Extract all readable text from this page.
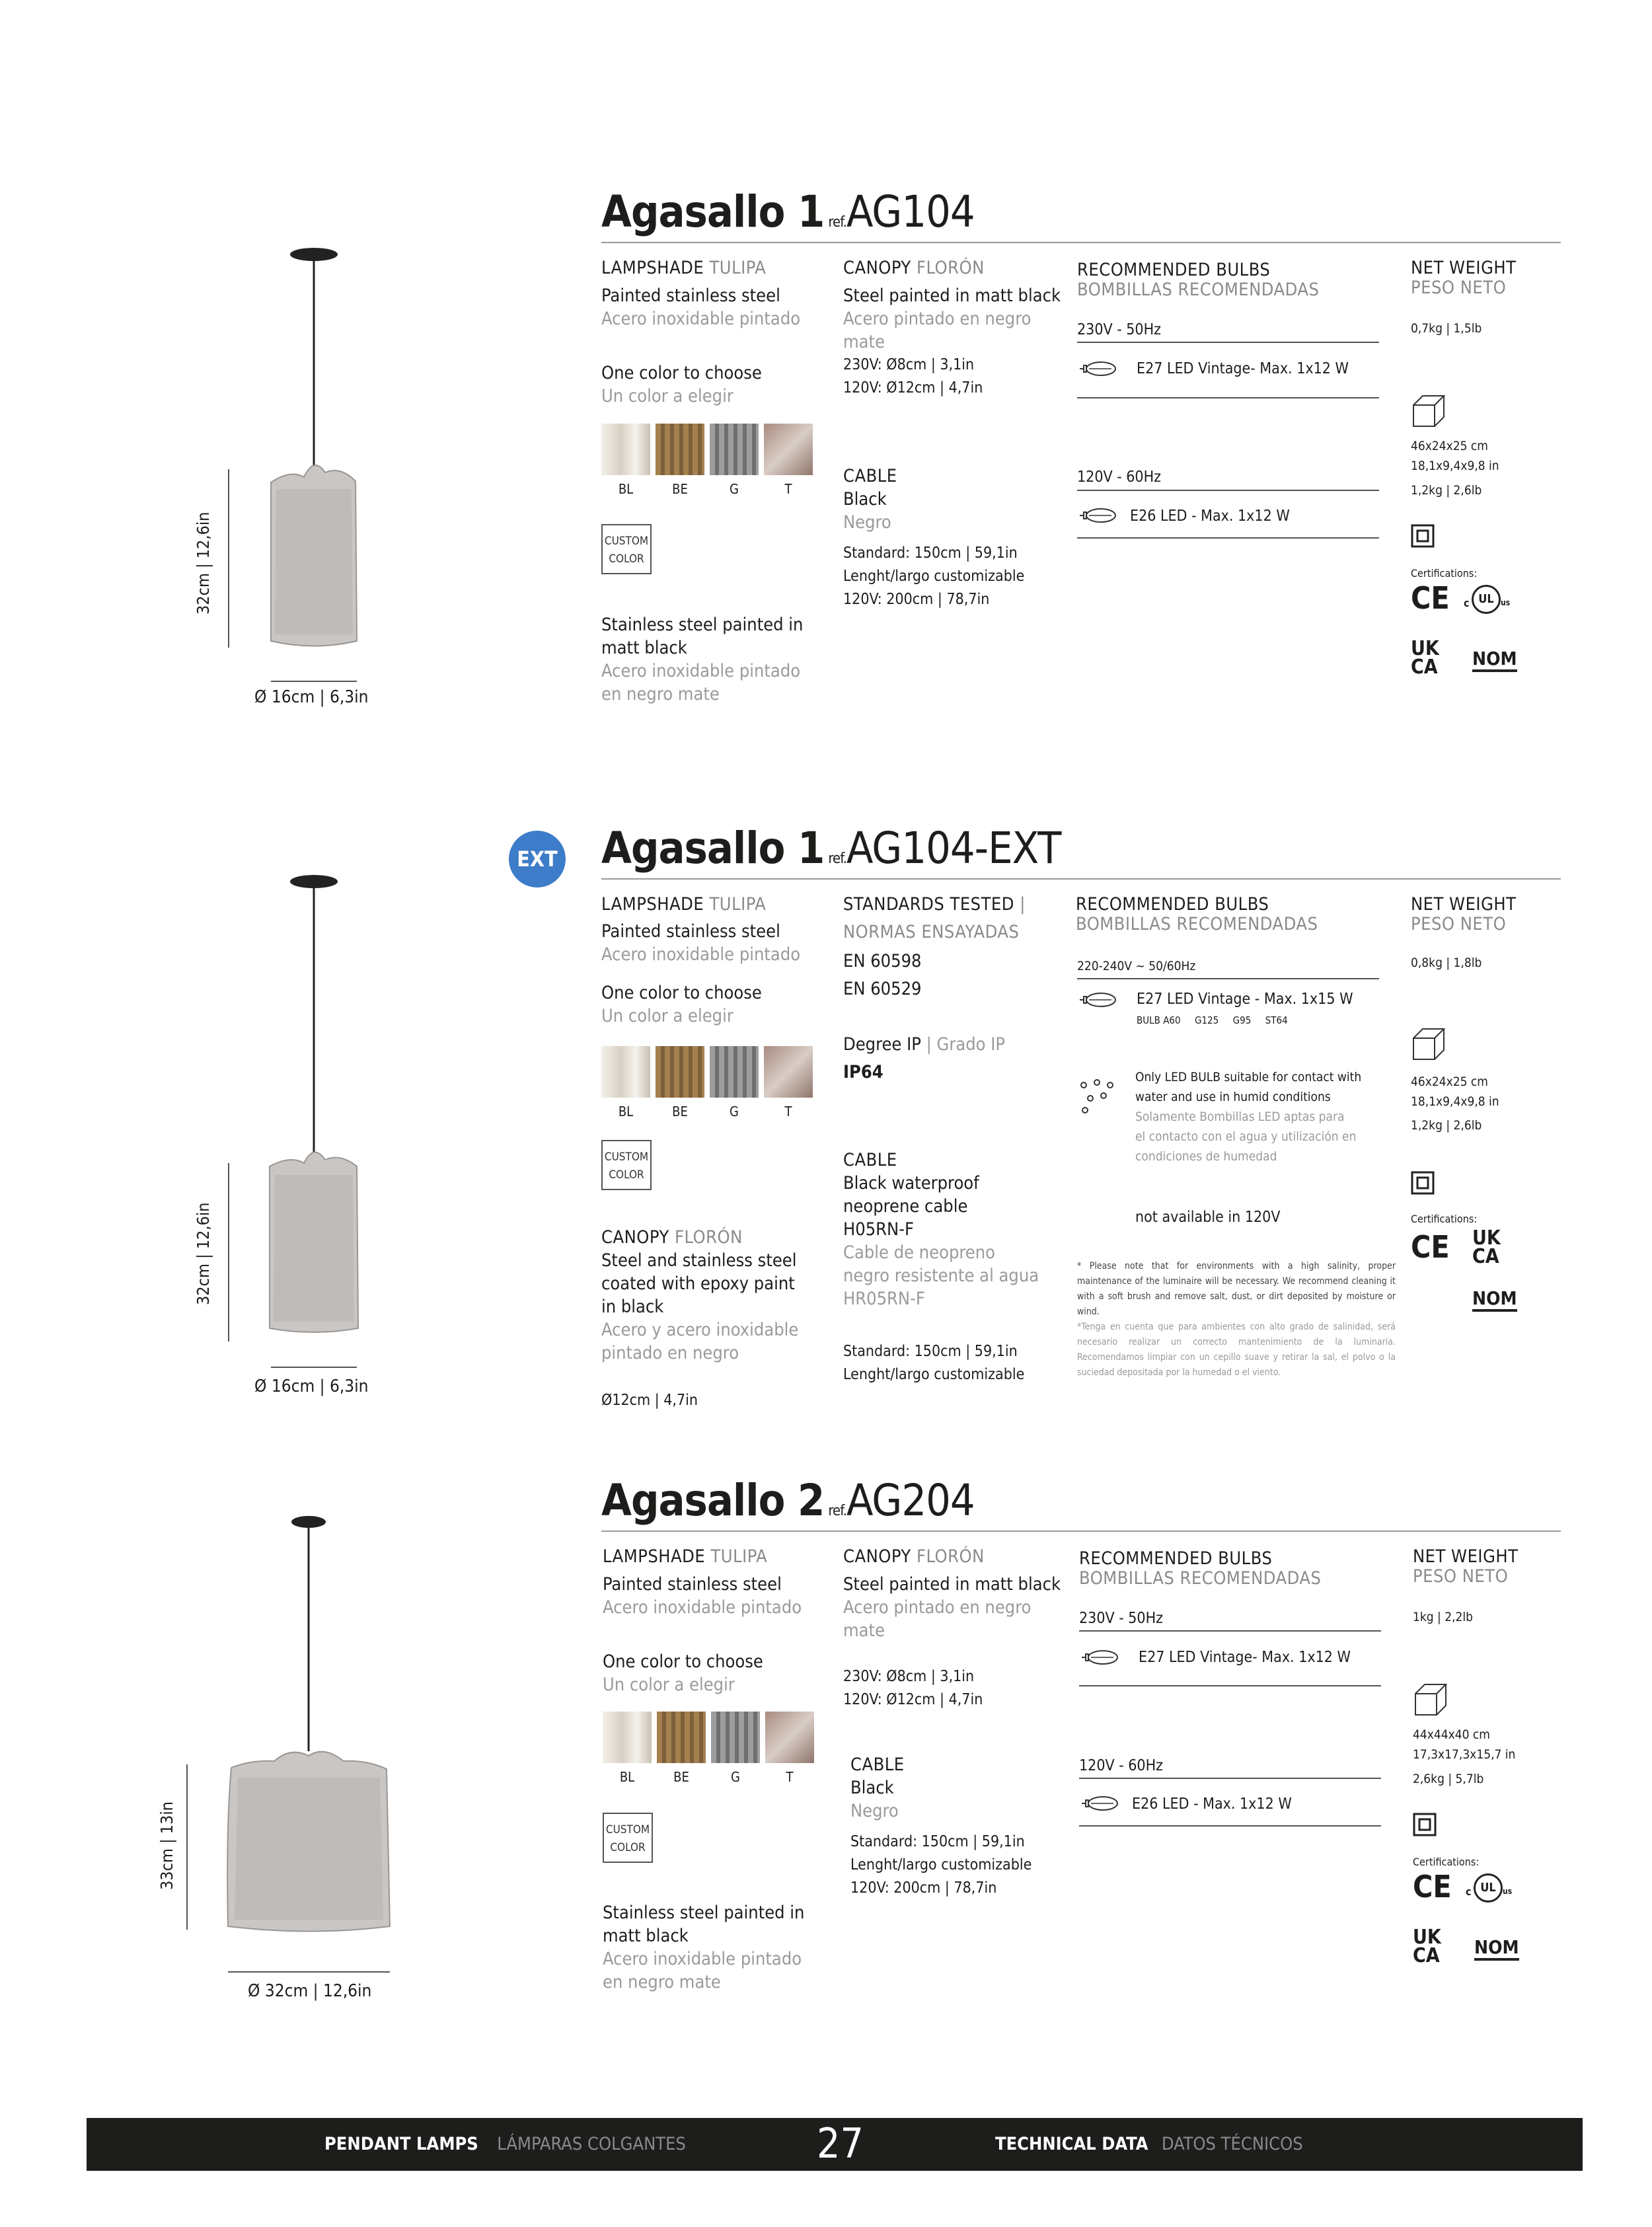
32cm | 12,6in
Ø 16cm | 6,3in
Agasallo 1 ref.AG104
LAMPSHADE TULIPA
Painted stainless steel
Acero inoxidable pintado
One color to choose
Un color a elegir
BL	BE	G	T
CUSTOM
COLOR
Stainless steel painted in
matt black
Acero inoxidable pintado
en negro mate
CANOPY FLORÓN
Steel painted in matt black
Acero pintado en negro
mate
230V: Ø8cm | 3,1in
120V: Ø12cm | 4,7in
CABLE
Black
Negro
Standard: 150cm | 59,1in
Lenght/largo customizable
120V: 200cm | 78,7in
RECOMMENDED BULBS
BOMBILLAS RECOMENDADAS
230V - 50Hz
E27 LED Vintage- Max. 1x12 W
120V - 60Hz
E26 LED - Max. 1x12 W
NET WEIGHT
PESO NETO
0,7kg | 1,5lb
46x24x25 cm
18,1x9,4x9,8 in
1,2kg | 2,6lb
Certifications:
CE c UL us
UK
CA NOM
32cm | 12,6in
Ø 16cm | 6,3in
EXT Agasallo 1 ref.AG104-EXT
LAMPSHADE TULIPA
Painted stainless steel
Acero inoxidable pintado
One color to choose
Un color a elegir
BL	BE	G	T
CUSTOM
COLOR
CANOPY FLORÓN
Steel and stainless steel
coated with epoxy paint
in black
Acero y acero inoxidable
pintado en negro
Ø12cm | 4,7in
STANDARDS TESTED |
NORMAS ENSAYADAS
EN 60598
EN 60529
Degree IP | Grado IP
IP64
CABLE
Black waterproof
neoprene cable
H05RN-F
Cable de neopreno
negro resistente al agua
HR05RN-F
Standard: 150cm | 59,1in
Lenght/largo customizable
RECOMMENDED BULBS
BOMBILLAS RECOMENDADAS
220-240V ~ 50/60Hz
E27 LED Vintage - Max. 1x15 W
BULB A60     G125     G95     ST64
Only LED BULB suitable for contact with
water and use in humid conditions
Solamente Bombillas LED aptas para
el contacto con el agua y utilización en
condiciones de humedad
not available in 120V
* Please note that for environments with a high salinity, proper maintenance of the luminaire will be necessary. We recommend cleaning it with a soft brush and remove salt, dust, or dirt deposited by moisture or wind.
*Tenga en cuenta que para ambientes con alto grado de salinidad, será necesario realizar un correcto mantenimiento de la luminaria. Recomendamos limpiar con un cepillo suave y retirar la sal, el polvo o la suciedad depositada por la humedad o el viento.
NET WEIGHT
PESO NETO
0,8kg | 1,8lb
46x24x25 cm
18,1x9,4x9,8 in
1,2kg | 2,6lb
Certifications:
CE UK
CA
NOM
33cm | 13in
Ø 32cm | 12,6in
Agasallo 2 ref.AG204
LAMPSHADE TULIPA
Painted stainless steel
Acero inoxidable pintado
One color to choose
Un color a elegir
BL	BE	G	T
CUSTOM
COLOR
Stainless steel painted in
matt black
Acero inoxidable pintado
en negro mate
CANOPY FLORÓN
Steel painted in matt black
Acero pintado en negro
mate
230V: Ø8cm | 3,1in
120V: Ø12cm | 4,7in
CABLE
Black
Negro
Standard: 150cm | 59,1in
Lenght/largo customizable
120V: 200cm | 78,7in
RECOMMENDED BULBS
BOMBILLAS RECOMENDADAS
230V - 50Hz
E27 LED Vintage- Max. 1x12 W
120V - 60Hz
E26 LED - Max. 1x12 W
NET WEIGHT
PESO NETO
1kg | 2,2lb
44x44x40 cm
17,3x17,3x15,7 in
2,6kg | 5,7lb
Certifications:
CE c UL us
UK
CA NOM
PENDANT LAMPS LÁMPARAS COLGANTES	27	TECHNICAL DATA DATOS TÉCNICOS
